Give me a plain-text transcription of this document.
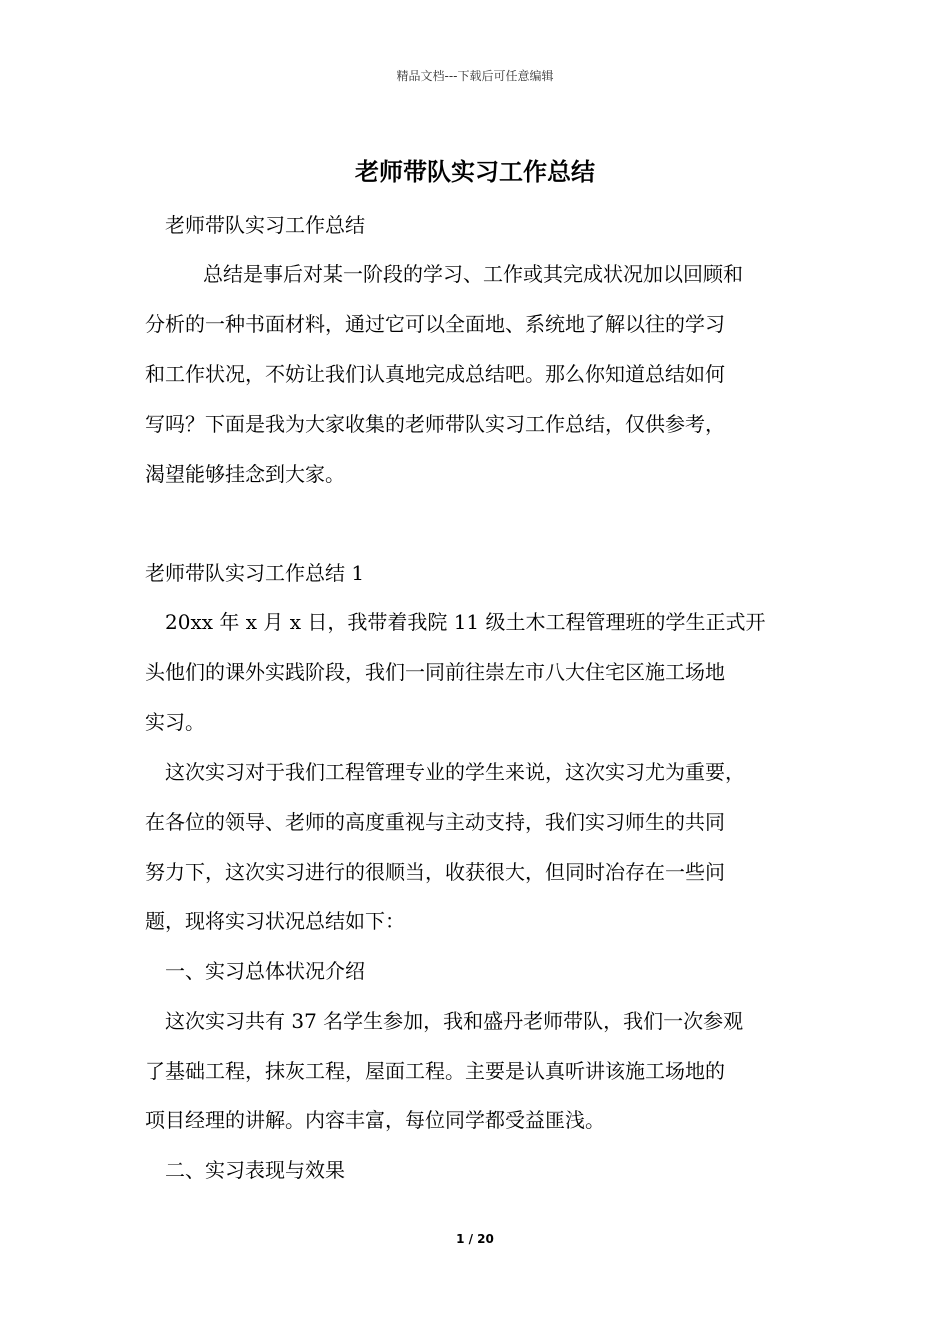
精品文档---下载后可任意编辑
老师带队实习工作总结
老师带队实习工作总结
总结是事后对某一阶段的学习、工作或其完成状况加以回顾和
分析的一种书面材料，通过它可以全面地、系统地了解以往的学习
和工作状况，不妨让我们认真地完成总结吧。那么你知道总结如何
写吗？下面是我为大家收集的老师带队实习工作总结，仅供参考，
渴望能够挂念到大家。
老师带队实习工作总结 1
20xx 年 x 月 x 日，我带着我院 11 级土木工程管理班的学生正式开
头他们的课外实践阶段，我们一同前往崇左市八大住宅区施工场地
实习。
这次实习对于我们工程管理专业的学生来说，这次实习尤为重要，
在各位的领导、老师的高度重视与主动支持，我们实习师生的共同
努力下，这次实习进行的很顺当，收获很大，但同时冶存在一些问
题，现将实习状况总结如下：
一、实习总体状况介绍
这次实习共有 37 名学生参加，我和盛丹老师带队，我们一次参观
了基础工程，抹灰工程，屋面工程。主要是认真听讲该施工场地的
项目经理的讲解。内容丰富，每位同学都受益匪浅。
二、实习表现与效果
1 / 20
